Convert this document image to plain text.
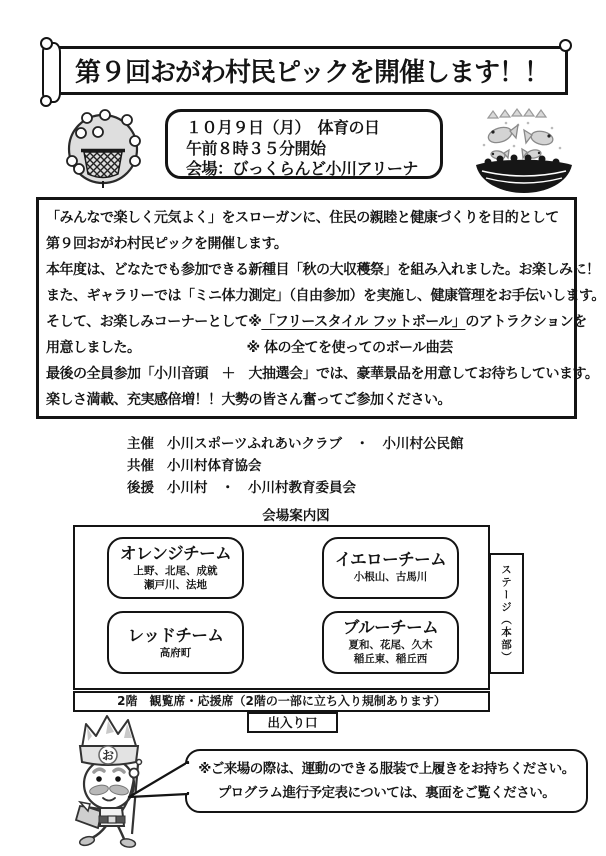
第９回おがわ村民ピックを開催します！！
１０月９日（月）　体育の日
午前８時３５分開始
会場：びっくらんど小川アリーナ

「みんなで楽しく元気よく」をスローガンに、住民の親睦と健康づくりを目的として

第９回おがわ村民ピックを開催します。

本年度は、どなたでも参加できる新種目「秋の大収穫祭」を組み入れました。お楽しみに！

また、ギャラリーでは「ミニ体力測定」（自由参加）を実施し、健康管理をお手伝いします。

そして、お楽しみコーナーとして※「フリースタイル フットボール」のアトラクションを

用意しました。	※ 体の全てを使ってのボール曲芸

最後の全員参加「小川音頭　＋　大抽選会」では、豪華景品を用意してお待ちしています。

楽しさ満載、充実感倍増！！大勢の皆さん奮ってご参加ください。

主催 小川スポーツふれあいクラブ　・　小川村公民館
共催 小川村体育協会
後援 小川村　・　小川村教育委員会
会場案内図
オレンジチーム
上野、北尾、成就
瀬戸川、法地
イエローチーム
小根山、古馬川
レッドチーム
高府町
ブルーチーム
夏和、花尾、久木
稲丘東、稲丘西	ステージ（本部）
2階　観覧席・応援席（2階の一部に立ち入り規制あります）
出入り口
お
※ご来場の際は、運動のできる服装で上履きをお持ちください。
プログラム進行予定表については、裏面をご覧ください。
